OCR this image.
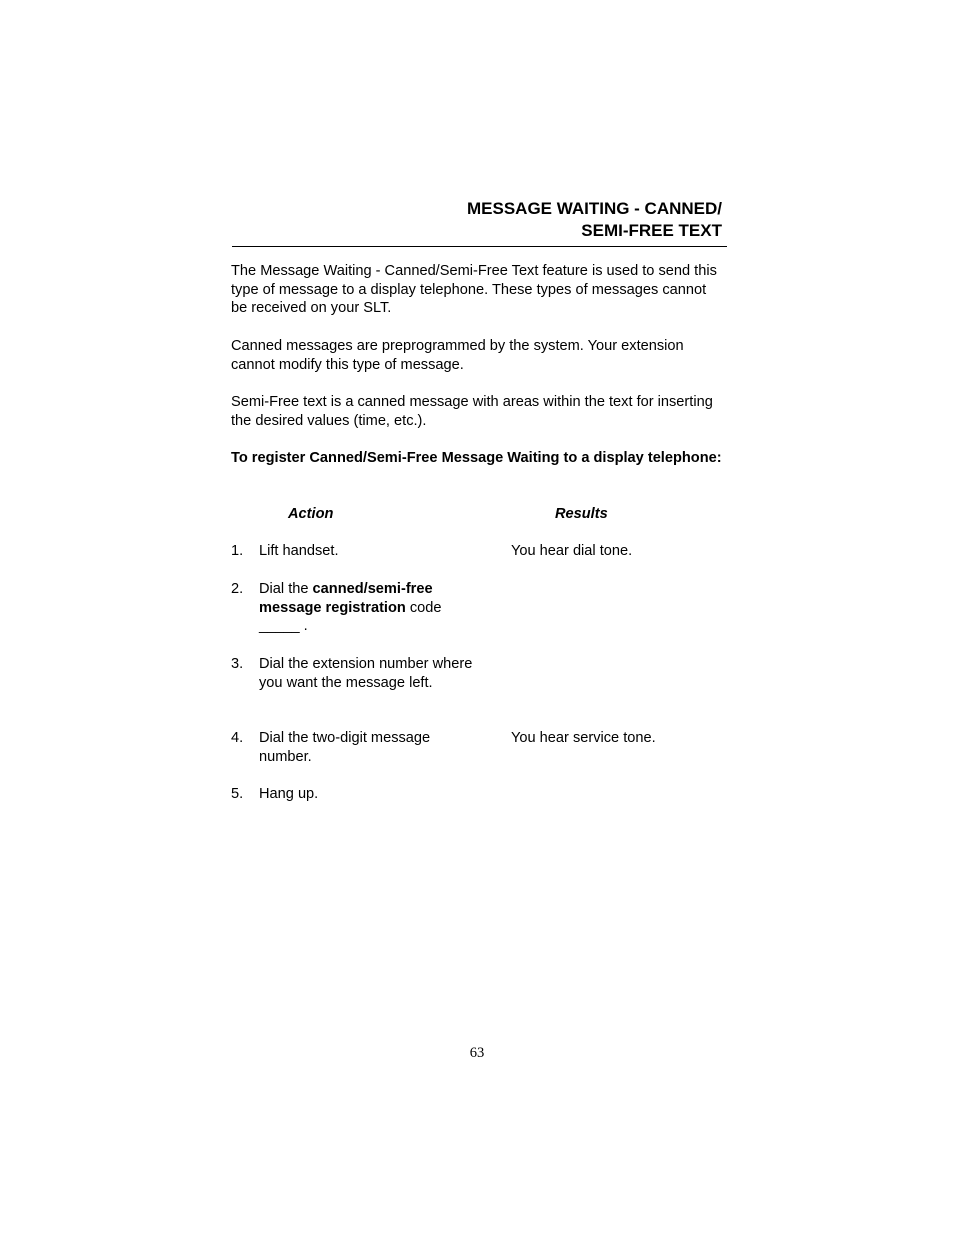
MESSAGE WAITING - CANNED/
SEMI-FREE TEXT

The Message Waiting - Canned/Semi-Free Text feature is used to send this type of message to a display telephone. These types of messages cannot be received on your SLT.

Canned messages are preprogrammed by the system. Your extension cannot modify this type of message.

Semi-Free text is a canned message with areas within the text for inserting the desired values (time, etc.).

To register Canned/Semi-Free Message Waiting to a display telephone:

Action	Results
1. Lift handset.	You hear dial tone.
2. Dial the canned/semi-free message registration code _____ .
3. Dial the extension number where you want the message left.
4. Dial the two-digit message number.
You hear service tone.
5. Hang up.
63
